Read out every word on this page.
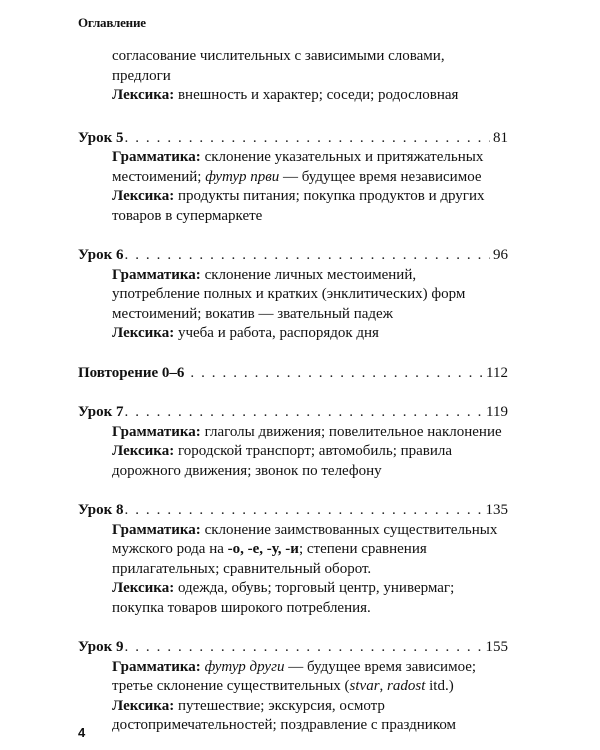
Оглавление
согласование числительных с зависимыми словами,
предлоги
Лексика: внешность и характер; соседи; родословная
Урок 5 . . .	81
Грамматика: склонение указательных и притяжательных
местоимений; футур први — будущее время независимое
Лексика: продукты питания; покупка продуктов и других
товаров в супермаркете
Урок 6 . . .	96
Грамматика: склонение личных местоимений,
употребление полных и кратких (энклитических) форм
местоимений; вокатив — звательный падеж
Лексика: учеба и работа, распорядок дня
Повторение 0–6 . . .	112
Урок 7 . . .	119
Грамматика: глаголы движения; повелительное наклонение
Лексика: городской транспорт; автомобиль; правила
дорожного движения; звонок по телефону
Урок 8 . . .	135
Грамматика: склонение заимствованных существительных
мужского рода на -о, -е, -у, -и; степени сравнения
прилагательных; сравнительный оборот.
Лексика: одежда, обувь; торговый центр, универмаг;
покупка товаров широкого потребления.
Урок 9 . . .	155
Грамматика: футур други — будущее время зависимое;
третье склонение существительных (stvar, radost itd.)
Лексика: путешествие; экскурсия, осмотр
достопримечательностей; поздравление с праздником
4
